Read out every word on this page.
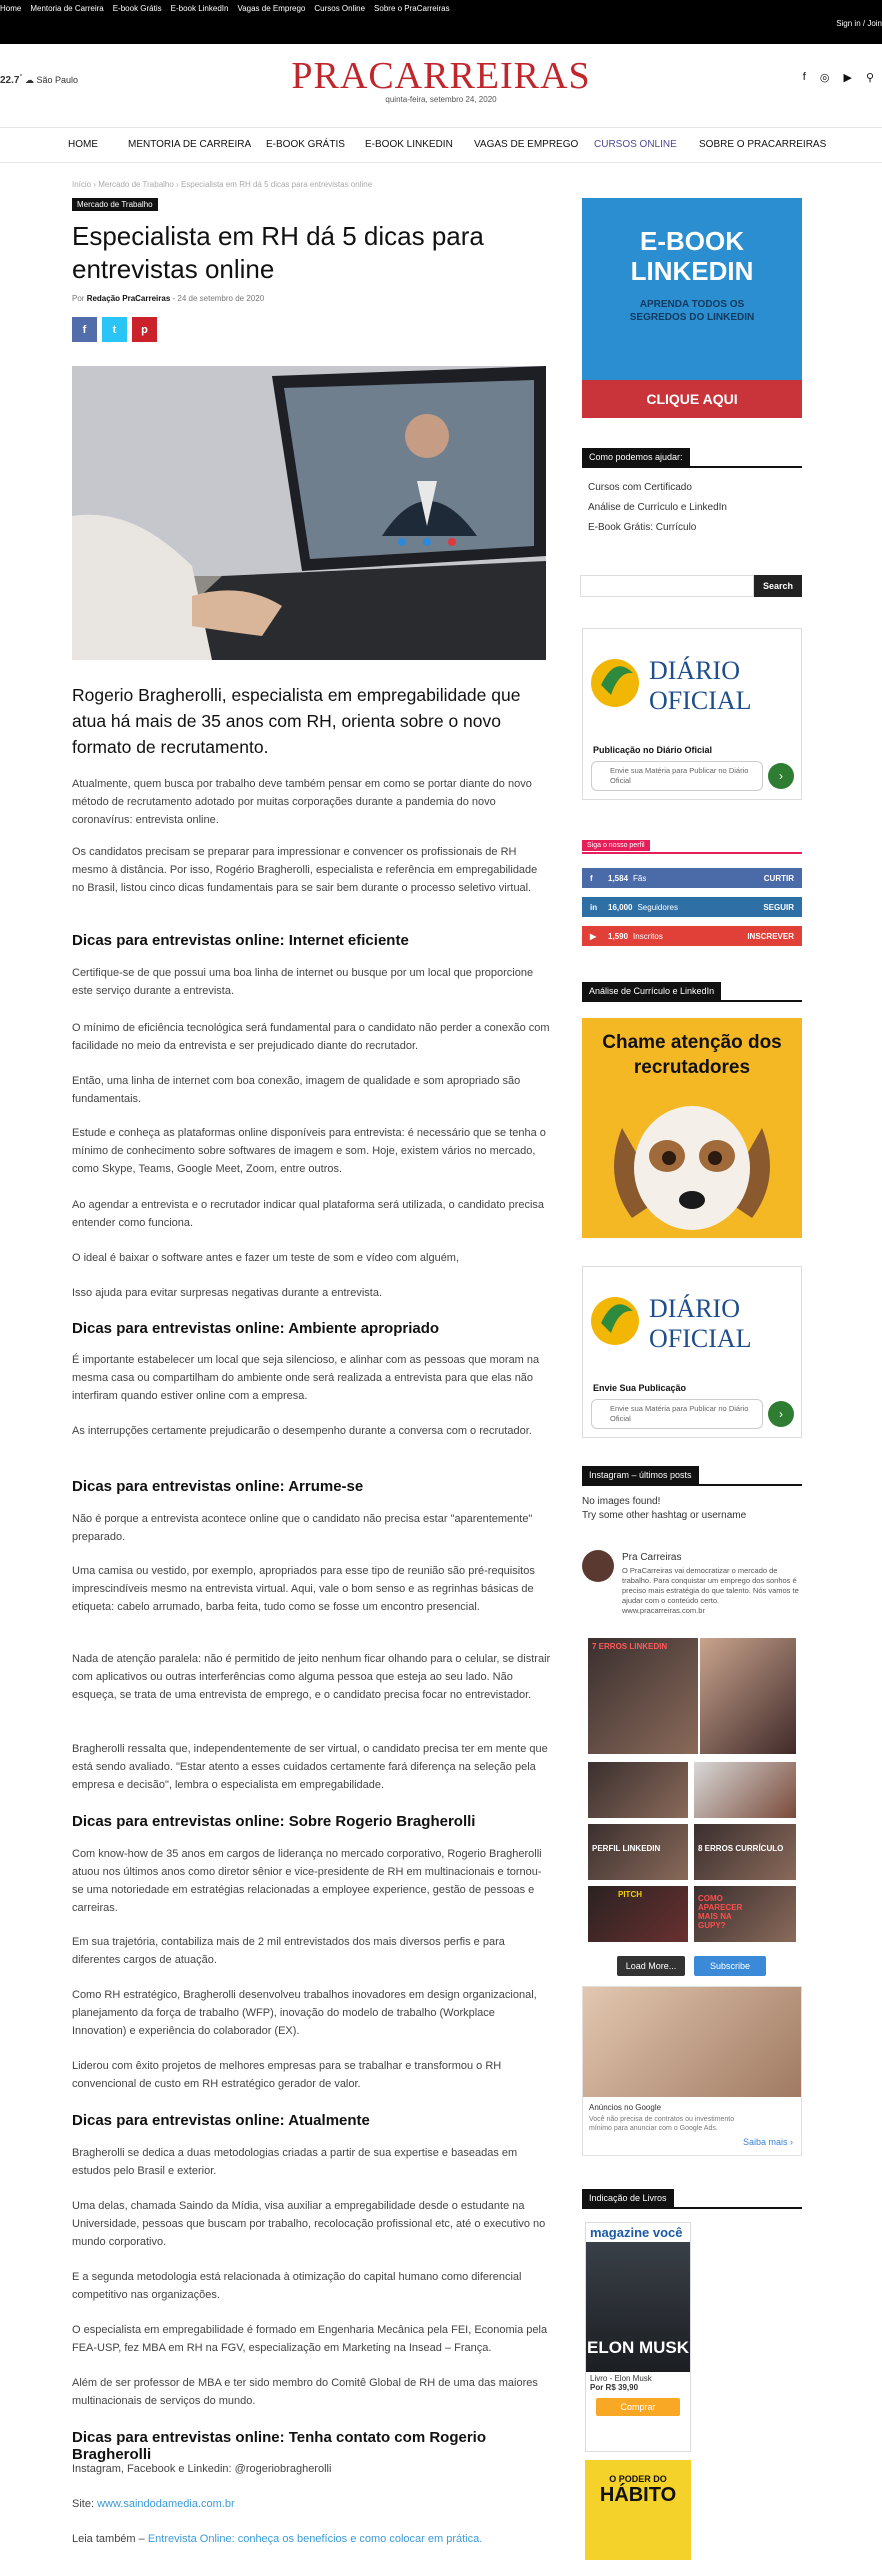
Home Mentoria de Carreira E-book Grátis E-book LinkedIn Vagas de Emprego Cursos Online Sobre o PraCarreiras
Sign in / Join
22.7° ☁ São Paulo	PRACARREIRAS
quinta-feira, setembro 24, 2020
f ◎ ▶ ⚲
HOME	MENTORIA DE CARREIRA E-BOOK GRÁTIS E-BOOK LINKEDIN VAGAS DE EMPREGO CURSOS ONLINE SOBRE O PRACARREIRAS
Início › Mercado de Trabalho › Especialista em RH dá 5 dicas para entrevistas online
Mercado de Trabalho
Especialista em RH dá 5 dicas para entrevistas online
Por Redação PraCarreiras - 24 de setembro de 2020
f	t	p

Rogerio Bragherolli, especialista em empregabilidade que atua há mais de 35 anos com RH, orienta sobre o novo formato de recrutamento.

Atualmente, quem busca por trabalho deve também pensar em como se portar diante do novo método de recrutamento adotado por muitas corporações durante a pandemia do novo coronavírus: entrevista online.

Os candidatos precisam se preparar para impressionar e convencer os profissionais de RH mesmo à distância. Por isso, Rogério Bragherolli, especialista e referência em empregabilidade no Brasil, listou cinco dicas fundamentais para se sair bem durante o processo seletivo virtual.

Dicas para entrevistas online: Internet eficiente

Certifique-se de que possui uma boa linha de internet ou busque por um local que proporcione este serviço durante a entrevista.

O mínimo de eficiência tecnológica será fundamental para o candidato não perder a conexão com facilidade no meio da entrevista e ser prejudicado diante do recrutador.

Então, uma linha de internet com boa conexão, imagem de qualidade e som apropriado são fundamentais.

Estude e conheça as plataformas online disponíveis para entrevista: é necessário que se tenha o mínimo de conhecimento sobre softwares de imagem e som. Hoje, existem vários no mercado, como Skype, Teams, Google Meet, Zoom, entre outros.

Ao agendar a entrevista e o recrutador indicar qual plataforma será utilizada, o candidato precisa entender como funciona.

O ideal é baixar o software antes e fazer um teste de som e vídeo com alguém,

Isso ajuda para evitar surpresas negativas durante a entrevista.

Dicas para entrevistas online: Ambiente apropriado

É importante estabelecer um local que seja silencioso, e alinhar com as pessoas que moram na mesma casa ou compartilham do ambiente onde será realizada a entrevista para que elas não interfiram quando estiver online com a empresa.

As interrupções certamente prejudicarão o desempenho durante a conversa com o recrutador.

Dicas para entrevistas online: Arrume-se

Não é porque a entrevista acontece online que o candidato não precisa estar "aparentemente" preparado.

Uma camisa ou vestido, por exemplo, apropriados para esse tipo de reunião são pré-requisitos imprescindíveis mesmo na entrevista virtual. Aqui, vale o bom senso e as regrinhas básicas de etiqueta: cabelo arrumado, barba feita, tudo como se fosse um encontro presencial.

Nada de atenção paralela: não é permitido de jeito nenhum ficar olhando para o celular, se distrair com aplicativos ou outras interferências como alguma pessoa que esteja ao seu lado. Não esqueça, se trata de uma entrevista de emprego, e o candidato precisa focar no entrevistador.

Bragherolli ressalta que, independentemente de ser virtual, o candidato precisa ter em mente que está sendo avaliado. "Estar atento a esses cuidados certamente fará diferença na seleção pela empresa e decisão", lembra o especialista em empregabilidade.

Dicas para entrevistas online: Sobre Rogerio Bragherolli

Com know-how de 35 anos em cargos de liderança no mercado corporativo, Rogerio Bragherolli atuou nos últimos anos como diretor sênior e vice-presidente de RH em multinacionais e tornou-se uma notoriedade em estratégias relacionadas a employee experience, gestão de pessoas e carreiras.

Em sua trajetória, contabiliza mais de 2 mil entrevistados dos mais diversos perfis e para diferentes cargos de atuação.

Como RH estratégico, Bragherolli desenvolveu trabalhos inovadores em design organizacional, planejamento da força de trabalho (WFP), inovação do modelo de trabalho (Workplace Innovation) e experiência do colaborador (EX).

Liderou com êxito projetos de melhores empresas para se trabalhar e transformou o RH convencional de custo em RH estratégico gerador de valor.

Dicas para entrevistas online: Atualmente

Bragherolli se dedica a duas metodologias criadas a partir de sua expertise e baseadas em estudos pelo Brasil e exterior.

Uma delas, chamada Saindo da Mídia, visa auxiliar a empregabilidade desde o estudante na Universidade, pessoas que buscam por trabalho, recolocação profissional etc, até o executivo no mundo corporativo.

E a segunda metodologia está relacionada à otimização do capital humano como diferencial competitivo nas organizações.

O especialista em empregabilidade é formado em Engenharia Mecânica pela FEI, Economia pela FEA-USP, fez MBA em RH na FGV, especialização em Marketing na Insead – França.

Além de ser professor de MBA e ter sido membro do Comitê Global de RH de uma das maiores multinacionais de serviços do mundo.

Dicas para entrevistas online: Tenha contato com Rogerio Bragherolli

Instagram, Facebook e Linkedin: @rogeriobragherolli

Site: www.saindodamedia.com.br

Leia também – Entrevista Online: conheça os benefícios e como colocar em prática.

E-BOOK
LINKEDIN
APRENDA TODOS OS SEGREDOS DO LINKEDIN
CLIQUE AQUI
Como podemos ajudar:
Cursos com Certificado
Análise de Currículo e LinkedIn
E-Book Grátis: Currículo
Search
DIÁRIO
OFICIAL
Publicação no Diário Oficial
Envie sua Matéria para Publicar no Diário Oficial	›
Siga o nosso perfil
f	1,584 Fãs	CURTIR
in	16,000 Seguidores	SEGUIR
▶	1,590 Inscritos	INSCREVER
Análise de Currículo e LinkedIn
Chame atenção dos recrutadores
DIÁRIO
OFICIAL
Envie Sua Publicação
Envie sua Matéria para Publicar no Diário Oficial	›
Instagram – últimos posts
No images found!
Try some other hashtag or username
Pra Carreiras
O PraCarreiras vai democratizar o mercado de trabalho. Para conquistar um emprego dos sonhos é preciso mais estratégia do que talento. Nós vamos te ajudar com o conteúdo certo. www.pracarreiras.com.br
7 ERROS LINKEDIN
PERFIL LINKEDIN	8 ERROS CURRÍCULO
PITCH	COMO APARECER MAIS NA GUPY?
Load More...	Subscribe
Anúncios no Google
Você não precisa de contratos ou investimento mínimo para anunciar com o Google Ads.
Saiba mais ›
Indicação de Livros
magazine você
ELON MUSK
Livro - Elon Musk
Por R$ 39,90
Comprar
O PODER DO
HÁBITO
